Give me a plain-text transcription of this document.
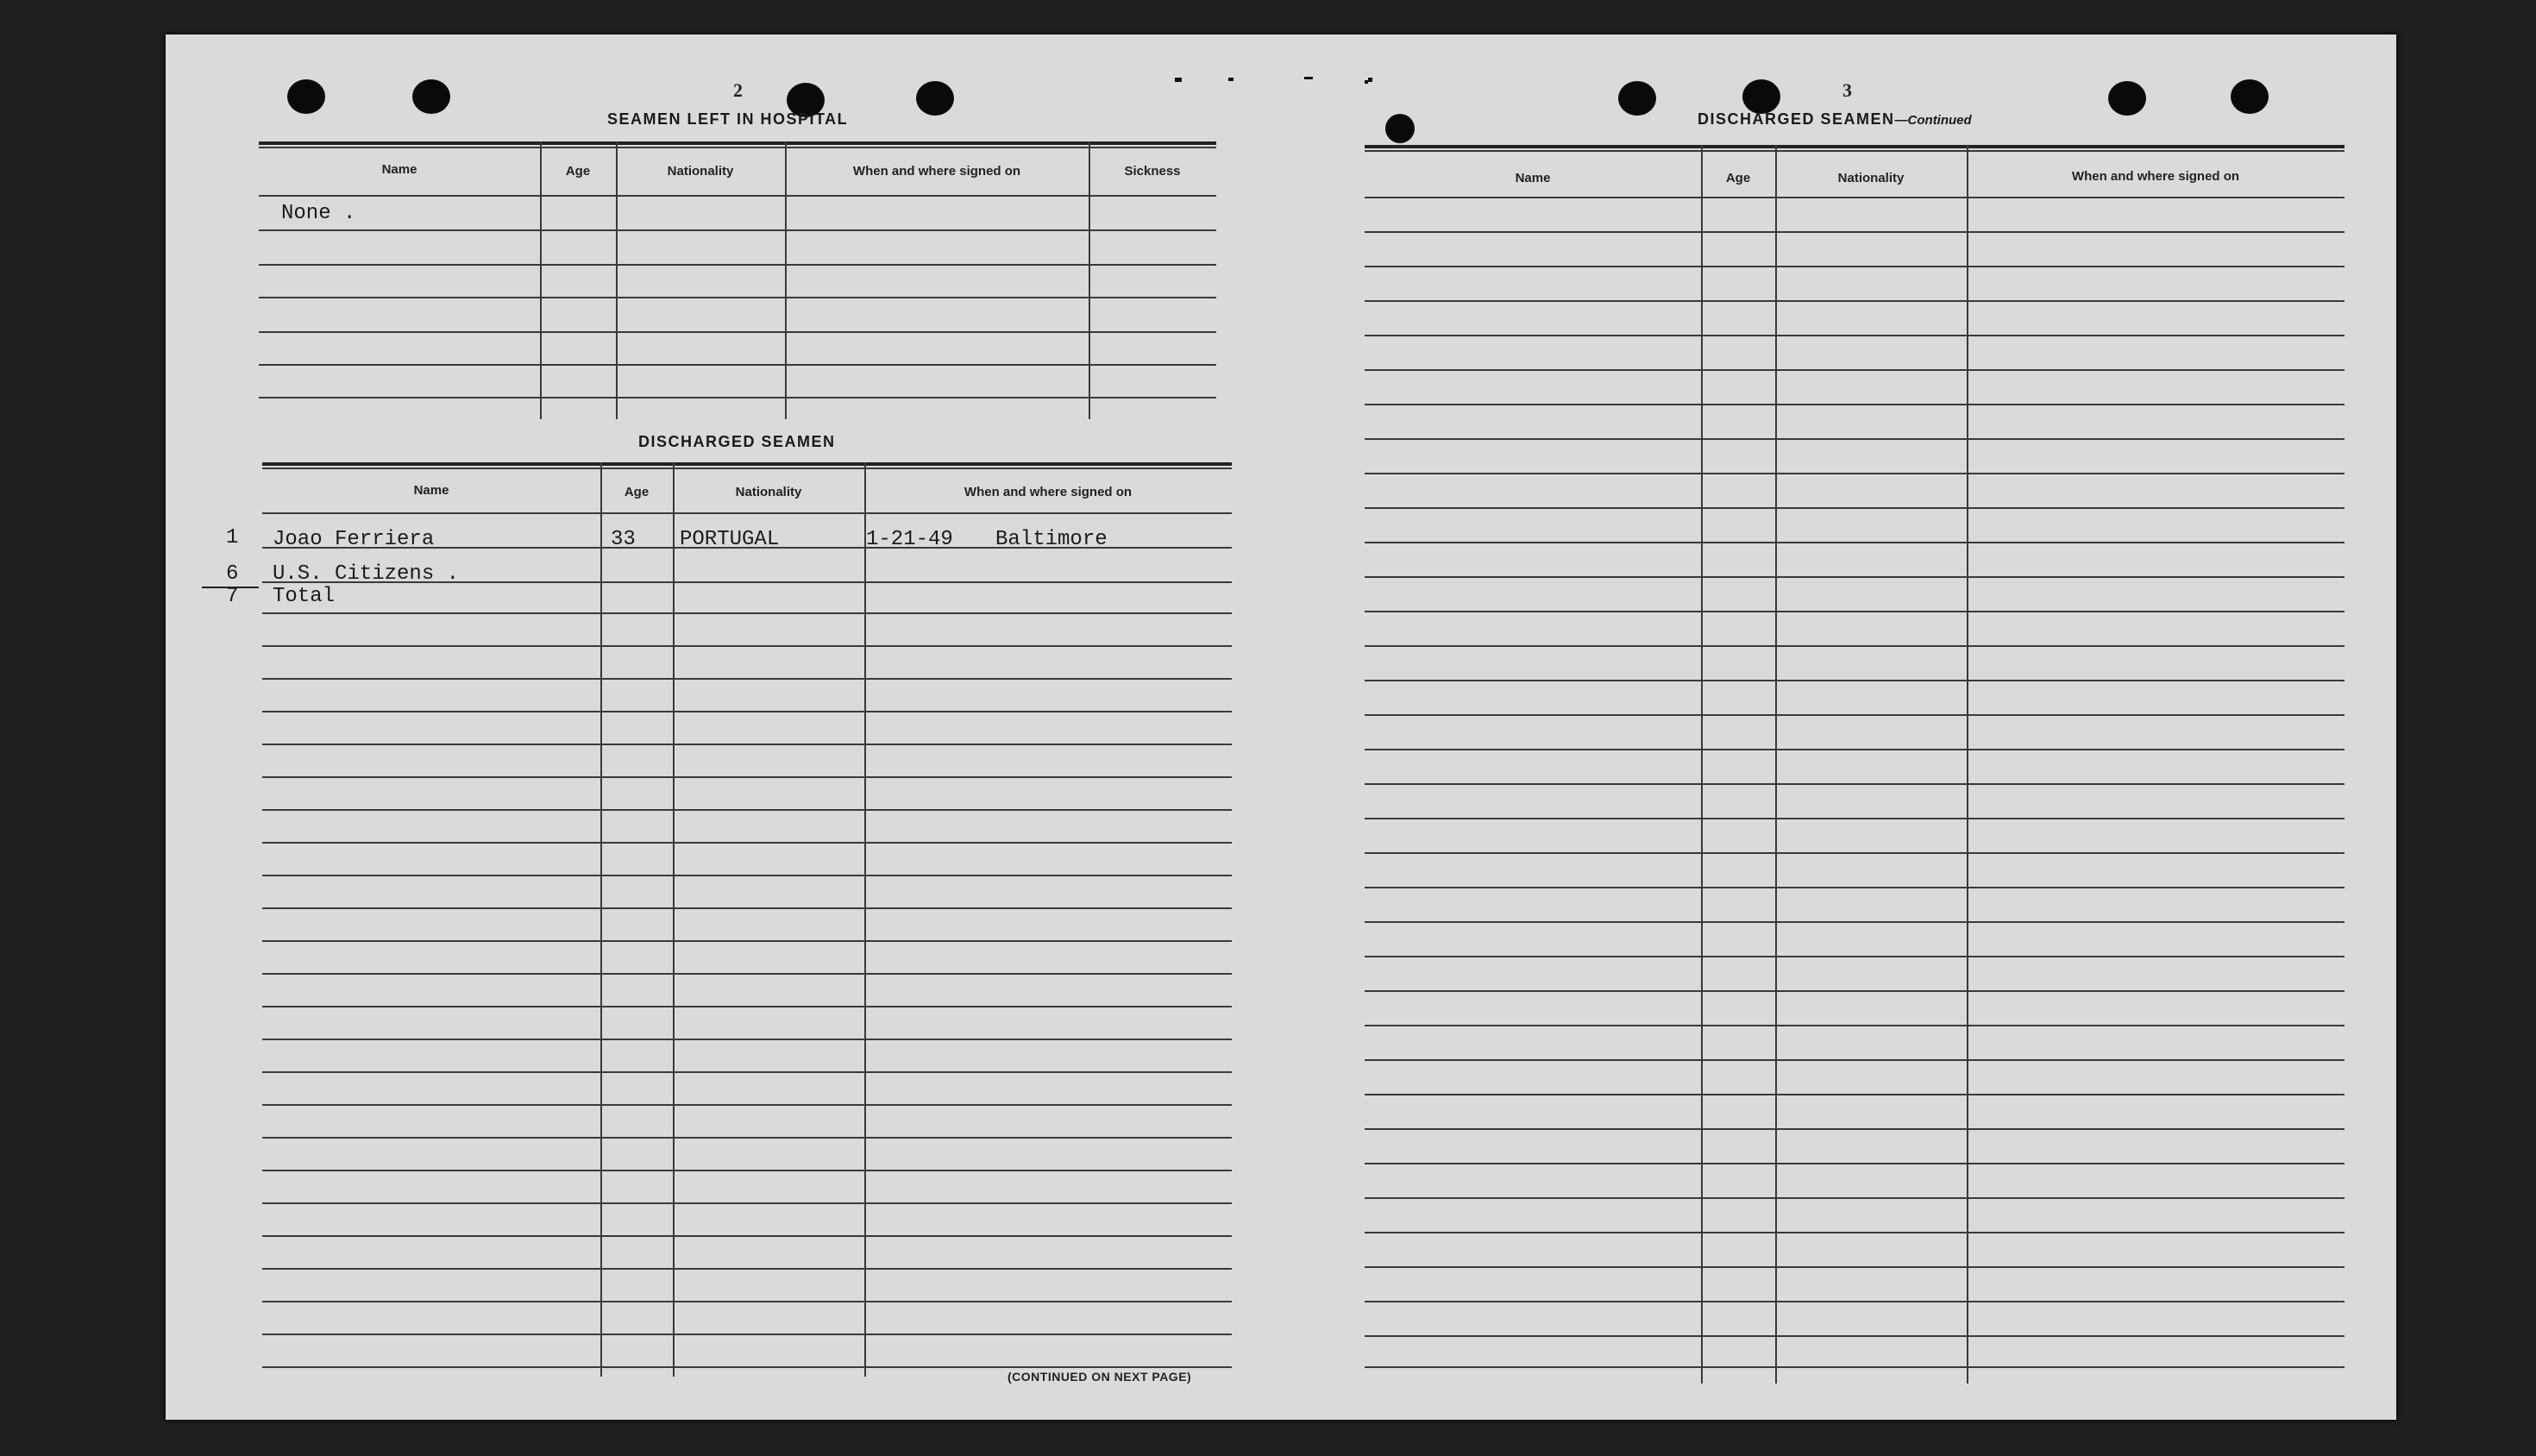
2
SEAMEN LEFT IN HOSPITAL
Name	Age	Nationality	When and where signed on	Sickness
None .
DISCHARGED SEAMEN
Name	Age	Nationality	When and where signed on
1 Joao Ferriera	33 PORTUGAL	1-21-49 Baltimore
6 U.S. Citizens .
7 Total
(CONTINUED ON NEXT PAGE)
3
DISCHARGED SEAMEN—Continued
Name	Age	Nationality	When and where signed on
